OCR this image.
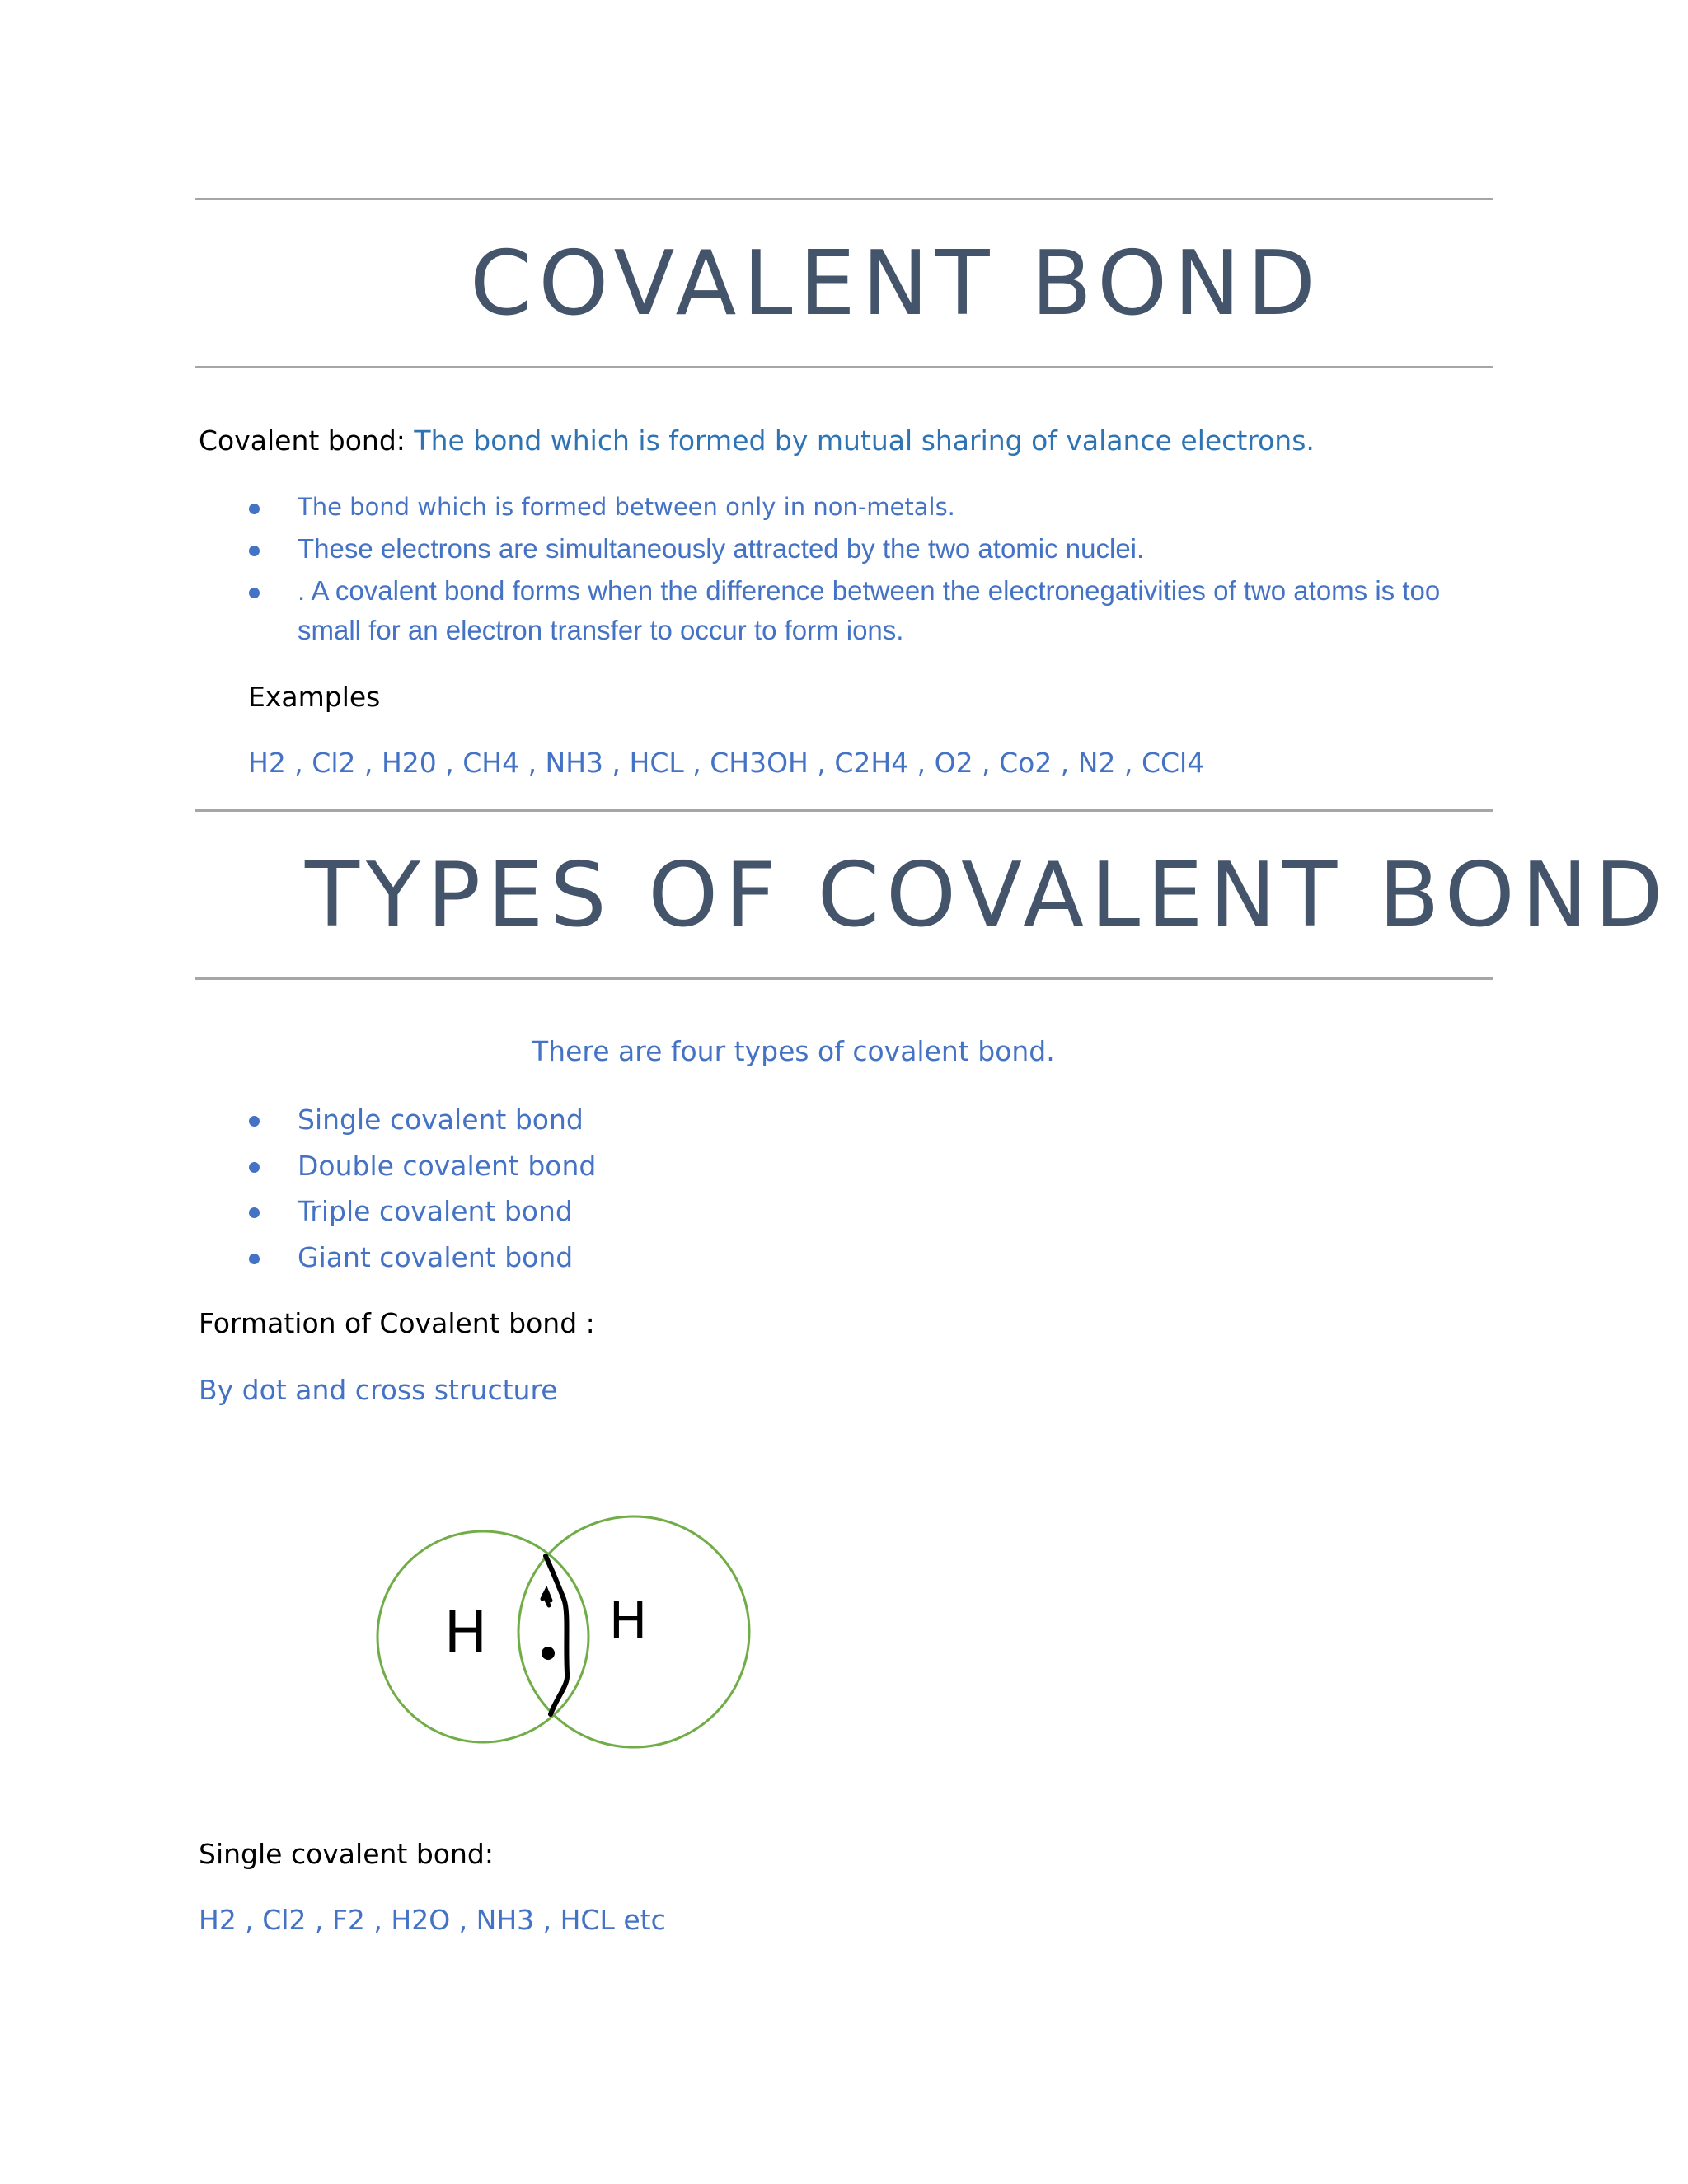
COVALENT BOND
Covalent bond: The bond which is formed by mutual sharing of valance electrons.
The bond which is formed between only in non-metals.
These electrons are simultaneously attracted by the two atomic nuclei.
. A covalent bond forms when the difference between the electronegativities of two atoms is too
small for an electron transfer to occur to form ions.
Examples
H2 , Cl2 , H20 , CH4 , NH3 , HCL , CH3OH , C2H4 , O2 , Co2 , N2 , CCl4
TYPES OF COVALENT BOND
There are four types of covalent bond.
Single covalent bond
Double covalent bond
Triple covalent bond
Giant covalent bond
Formation of Covalent bond :
By dot and cross structure
H H
Single covalent bond:
H2 , Cl2 , F2 , H2O , NH3 , HCL etc
